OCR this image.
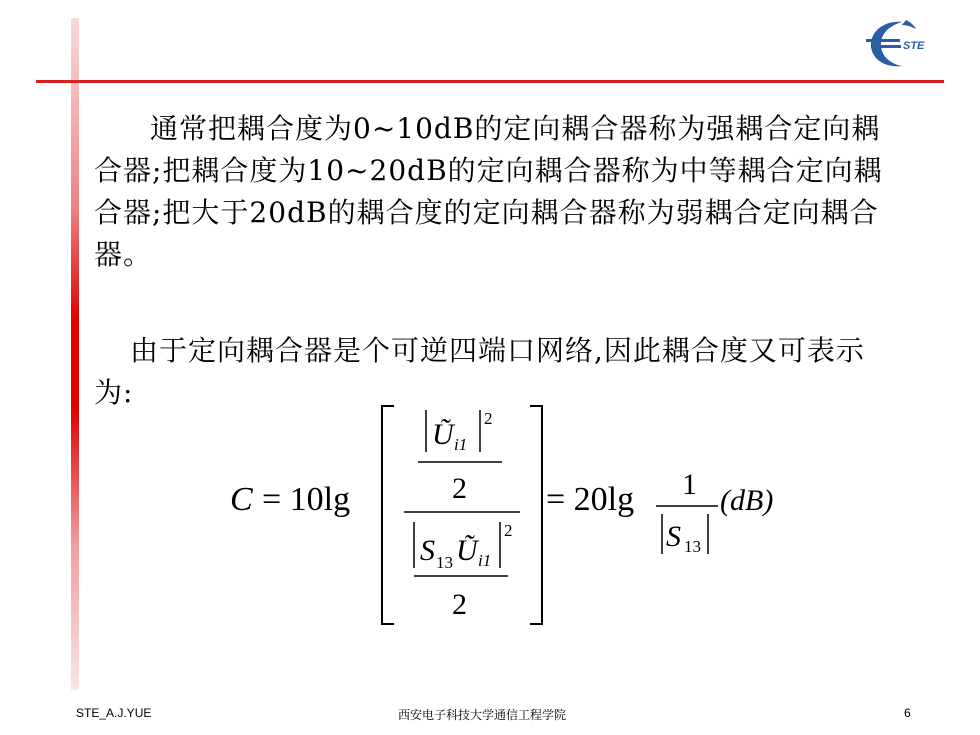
STE
通常把耦合度为0~10dB的定向耦合器称为强耦合定向耦合器;把耦合度为10~20dB的定向耦合器称为中等耦合定向耦合器;把大于20dB的耦合度的定向耦合器称为弱耦合定向耦合器。
由于定向耦合器是个可逆四端口网络,因此耦合度又可表示为:
C = 10lg
Ũ i1
2
2
S 13 Ũ i1
2
2
= 20lg 1
S 13
(dB)
STE_A.J.YUE	西安电子科技大学通信工程学院	6
